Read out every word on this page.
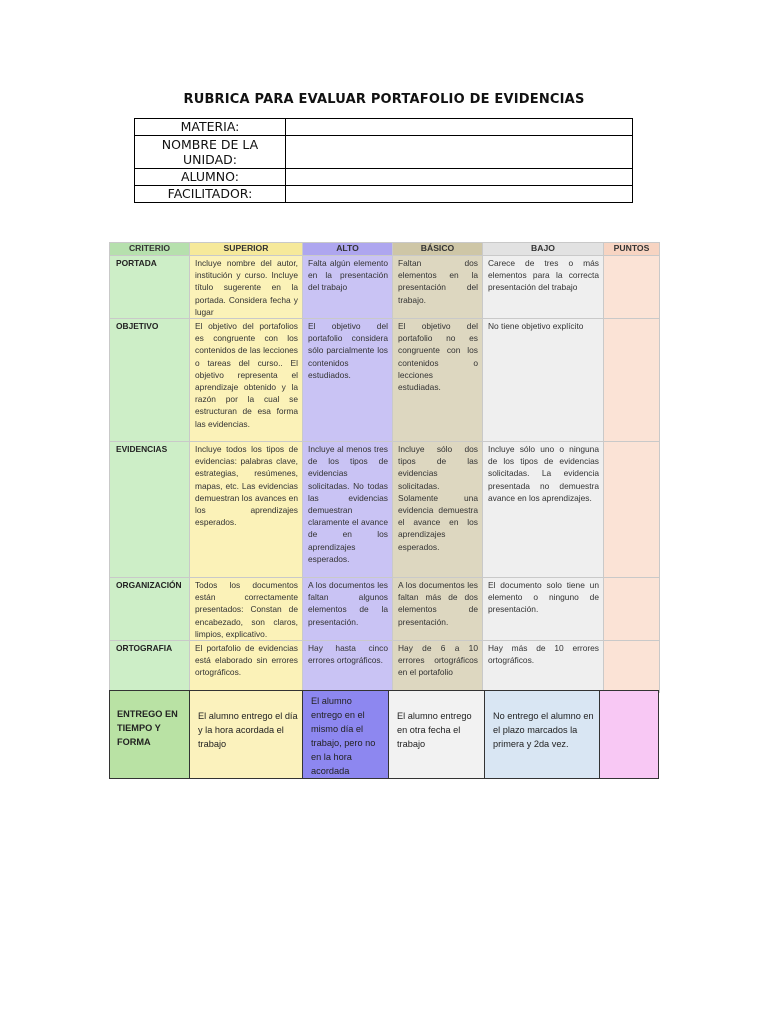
RUBRICA PARA EVALUAR PORTAFOLIO DE EVIDENCIAS
MATERIA:	
NOMBRE DE LA UNIDAD:	
ALUMNO:	
FACILITADOR:	
CRITERIO	SUPERIOR	ALTO	BÁSICO	BAJO	PUNTOS
PORTADA	Incluye nombre del autor, institución y curso. Incluye título sugerente en la portada. Considera fecha y lugar	Falta algún elemento en la presentación del trabajo	Faltan dos elementos en la presentación del trabajo.	Carece de tres o más elementos para la correcta presentación del trabajo	
OBJETIVO	El objetivo del portafolios es congruente con los contenidos de las lecciones o tareas del curso.. El objetivo representa el aprendizaje obtenido y la razón por la cual se estructuran de esa forma las evidencias.	El objetivo del portafolio considera sólo parcialmente los contenidos estudiados.	El objetivo del portafolio no es congruente con los contenidos o lecciones estudiadas.	No tiene objetivo explícito	
EVIDENCIAS	Incluye todos los tipos de evidencias: palabras clave, estrategias, resúmenes, mapas, etc. Las evidencias demuestran los avances en los aprendizajes esperados.	Incluye al menos tres de los tipos de evidencias solicitadas. No todas las evidencias demuestran claramente el avance de en los aprendizajes esperados.	Incluye sólo dos tipos de las evidencias solicitadas. Solamente una evidencia demuestra el avance en los aprendizajes esperados.	Incluye sólo uno o ninguna de los tipos de evidencias solicitadas. La evidencia presentada no demuestra avance en los aprendizajes.	
ORGANIZACIÓN	Todos los documentos están correctamente presentados: Constan de encabezado, son claros, limpios, explicativo.	A los documentos les faltan algunos elementos de la presentación.	A los documentos les faltan más de dos elementos de presentación.	El documento solo tiene un elemento o ninguno de presentación.	
ORTOGRAFIA	El portafolio de evidencias está elaborado sin errores ortográficos.	Hay hasta cinco errores ortográficos.	Hay de 6 a 10 errores ortográficos en el portafolio	Hay más de 10 errores ortográficos.	
ENTREGO EN TIEMPO Y FORMA	El alumno entrego el día y la hora acordada el trabajo	El alumno entrego en el mismo día el trabajo, pero no en la hora acordada	El alumno entrego en otra fecha el trabajo	No entrego el alumno en el plazo marcados la primera y 2da vez.	
